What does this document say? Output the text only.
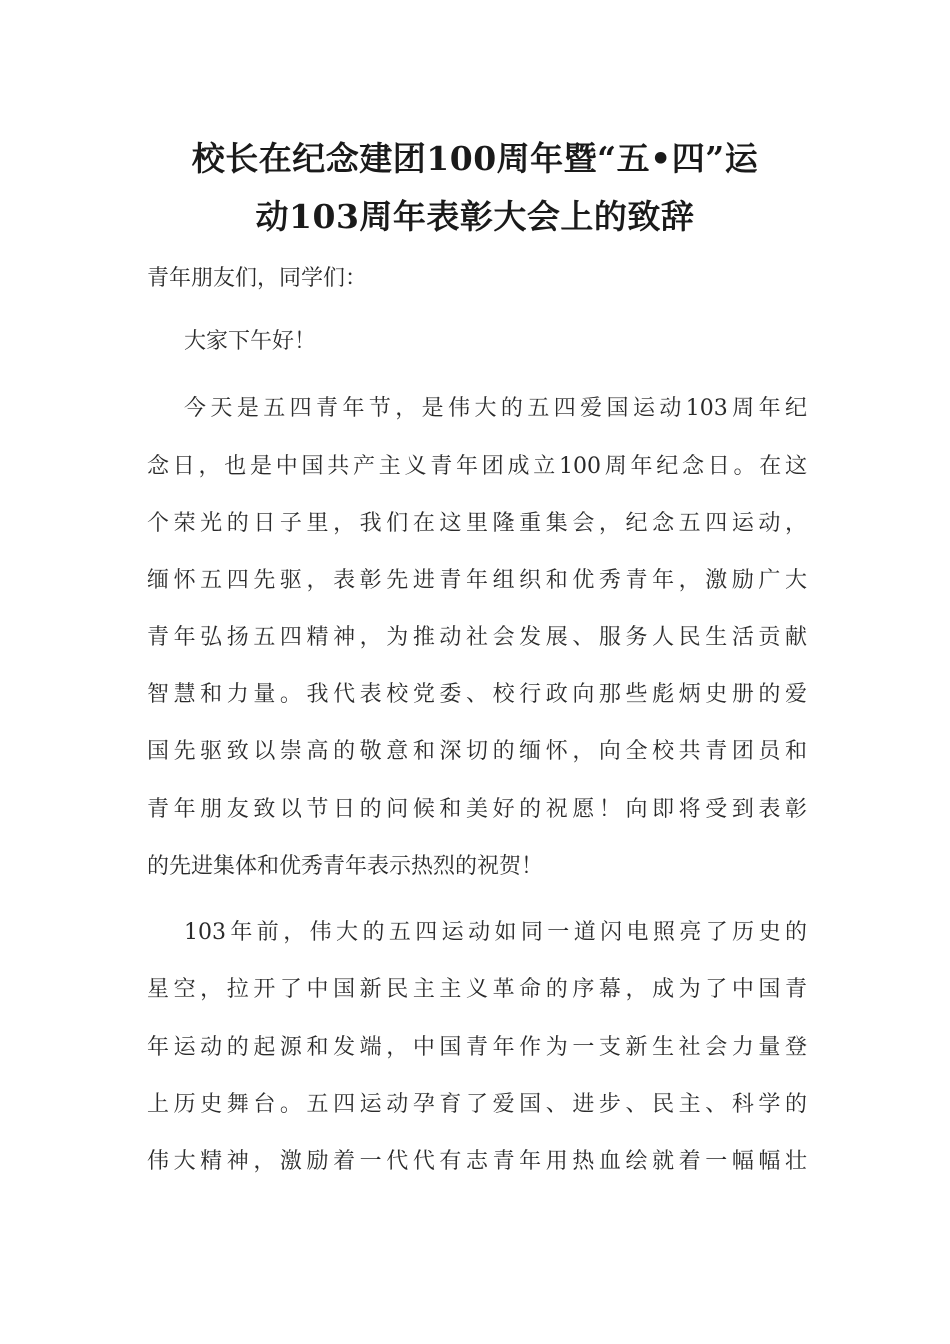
校长在纪念建团100周年暨“五•四”运
动103周年表彰大会上的致辞
青年朋友们，同学们：
大家下午好！
今天是五四青年节，是伟大的五四爱国运动103周年纪
念日，也是中国共产主义青年团成立100周年纪念日。在这
个荣光的日子里，我们在这里隆重集会，纪念五四运动，
缅怀五四先驱，表彰先进青年组织和优秀青年，激励广大
青年弘扬五四精神，为推动社会发展、服务人民生活贡献
智慧和力量。我代表校党委、校行政向那些彪炳史册的爱
国先驱致以崇高的敬意和深切的缅怀，向全校共青团员和
青年朋友致以节日的问候和美好的祝愿！向即将受到表彰
的先进集体和优秀青年表示热烈的祝贺！
103年前，伟大的五四运动如同一道闪电照亮了历史的
星空，拉开了中国新民主主义革命的序幕，成为了中国青
年运动的起源和发端，中国青年作为一支新生社会力量登
上历史舞台。五四运动孕育了爱国、进步、民主、科学的
伟大精神，激励着一代代有志青年用热血绘就着一幅幅壮
